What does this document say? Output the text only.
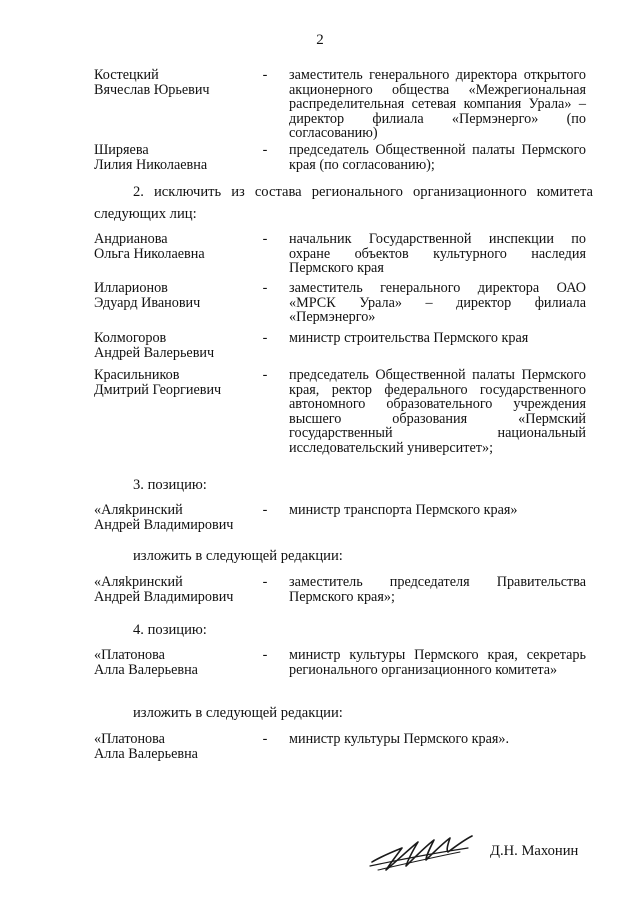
2
Костецкий
Вячеслав Юрьевич
-	заместитель генерального директора открытого акционерного общества «Межрегиональная распределительная сетевая компания Урала» – директор филиала «Пермэнерго» (по согласованию)
Ширяева
Лилия Николаевна
-	председатель Общественной палаты Пермского края (по согласованию);
2. исключить из состава регионального организационного комитета
следующих лиц:
Андрианова
Ольга Николаевна
-	начальник Государственной инспекции по охране объектов культурного наследия Пермского края
Илларионов
Эдуард Иванович
-	заместитель генерального директора ОАО «МРСК Урала» – директор филиала «Пермэнерго»
Колмогоров
Андрей Валерьевич
-	министр строительства Пермского края
Красильников
Дмитрий Георгиевич
-	председатель Общественной палаты Пермского края, ректор федерального государственного автономного образовательного учреждения высшего образования «Пермский государственный национальный исследовательский университет»;
3. позицию:
«Аляkринский
Андрей Владимирович
-	министр транспорта Пермского края»
изложить в следующей редакции:
«Аляkринский
Андрей Владимирович
-	заместитель председателя Правительства Пермского края»;
4. позицию:
«Платонова
Алла Валерьевна
-	министр культуры Пермского края, секретарь регионального организационного комитета»
изложить в следующей редакции:
«Платонова
Алла Валерьевна
-	министр культуры Пермского края».
Д.Н. Махонин
